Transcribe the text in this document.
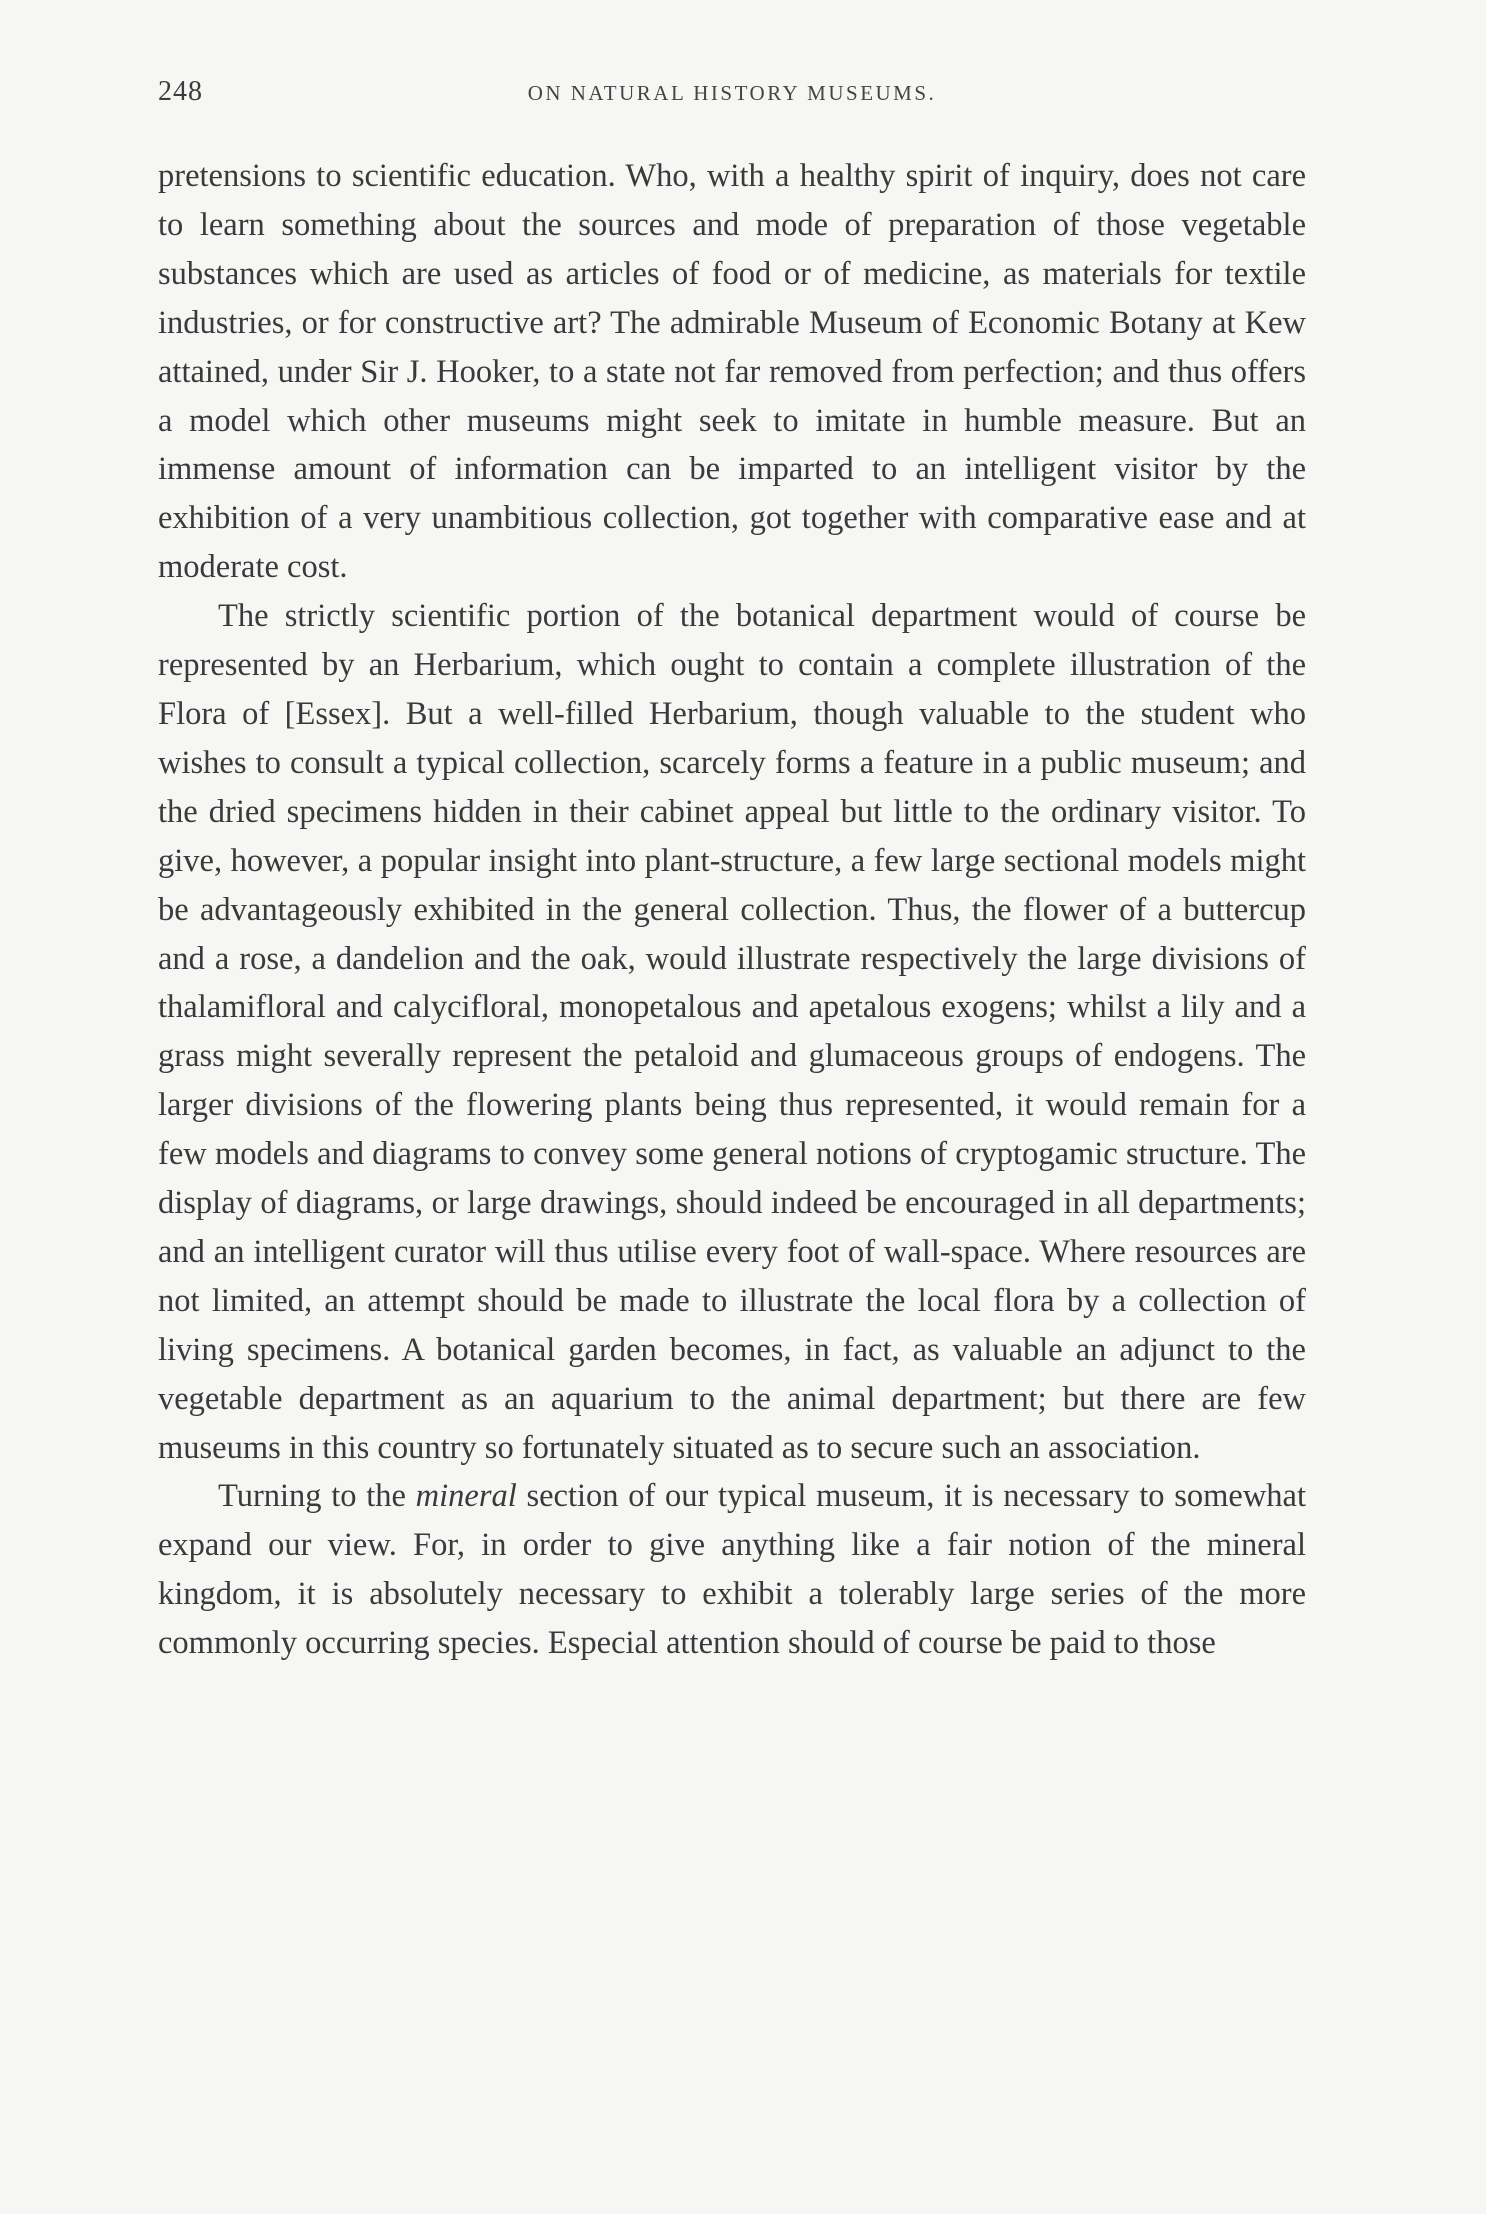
248	ON NATURAL HISTORY MUSEUMS.

pretensions to scientific education. Who, with a healthy spirit of inquiry, does not care to learn something about the sources and mode of preparation of those vegetable substances which are used as articles of food or of medicine, as materials for textile industries, or for constructive art? The admirable Museum of Economic Botany at Kew attained, under Sir J. Hooker, to a state not far removed from perfection; and thus offers a model which other museums might seek to imitate in humble measure. But an immense amount of information can be imparted to an intelligent visitor by the exhibition of a very unambitious collection, got together with comparative ease and at moderate cost.

The strictly scientific portion of the botanical department would of course be represented by an Herbarium, which ought to contain a complete illustration of the Flora of [Essex]. But a well-filled Herbarium, though valuable to the student who wishes to consult a typical collection, scarcely forms a feature in a public museum; and the dried specimens hidden in their cabinet appeal but little to the ordinary visitor. To give, however, a popular insight into plant-structure, a few large sectional models might be advantageously exhibited in the general collection. Thus, the flower of a buttercup and a rose, a dandelion and the oak, would illustrate respectively the large divisions of thalamifloral and calycifloral, monopetalous and apetalous exogens; whilst a lily and a grass might severally represent the petaloid and glumaceous groups of endogens. The larger divisions of the flowering plants being thus represented, it would remain for a few models and diagrams to convey some general notions of cryptogamic structure. The display of diagrams, or large drawings, should indeed be encouraged in all departments; and an intelligent curator will thus utilise every foot of wall-space. Where resources are not limited, an attempt should be made to illustrate the local flora by a collection of living specimens. A botanical garden becomes, in fact, as valuable an adjunct to the vegetable department as an aquarium to the animal department; but there are few museums in this country so fortunately situated as to secure such an association.

Turning to the mineral section of our typical museum, it is necessary to somewhat expand our view. For, in order to give anything like a fair notion of the mineral kingdom, it is absolutely necessary to exhibit a tolerably large series of the more commonly occurring species. Especial attention should of course be paid to those
